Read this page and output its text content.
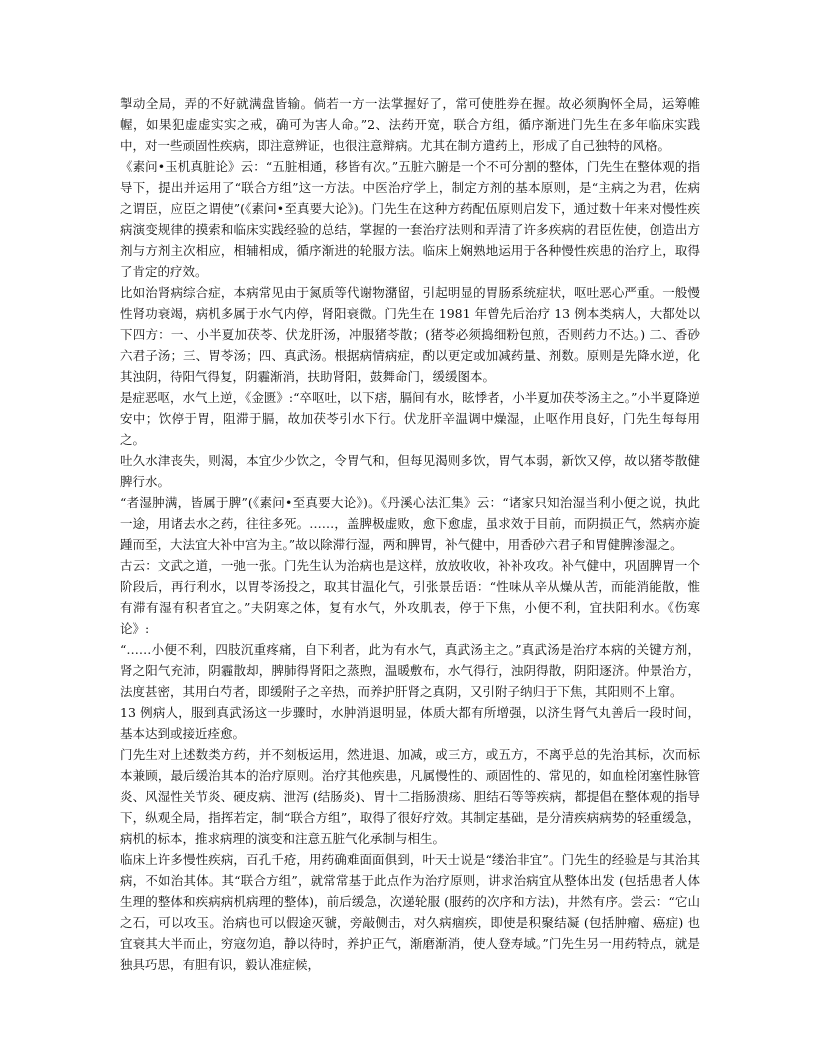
掣动全局，弄的不好就满盘皆输。倘若一方一法掌握好了，常可使胜券在握。故必须胸怀全局，运筹帷幄，如果犯虚虚实实之戒，确可为害人命。”2、法药开宽，联合方组，循序渐进门先生在多年临床实践中，对一些顽固性疾病，即注意辨证，也很注意辩病。尤其在制方遣药上，形成了自己独特的风格。

《素问•玉机真脏论》云：“五脏相通，移皆有次。”五脏六腑是一个不可分割的整体，门先生在整体观的指导下，提出并运用了“联合方组”这一方法。中医治疗学上，制定方剂的基本原则，是“主病之为君，佐病之谓臣，应臣之谓使”(《素问•至真要大论》)。门先生在这种方药配伍原则启发下，通过数十年来对慢性疾病演变规律的摸索和临床实践经验的总结，掌握的一套治疗法则和弄清了许多疾病的君臣佐使，创造出方剂与方剂主次相应，相辅相成，循序渐进的轮服方法。临床上娴熟地运用于各种慢性疾患的治疗上，取得了肯定的疗效。

比如治肾病综合症，本病常见由于氮质等代谢物潴留，引起明显的胃肠系统症状，呕吐恶心严重。一般慢性肾功衰竭，病机多属于水气内停，肾阳衰微。门先生在 1981 年曾先后治疗 13 例本类病人，大都处以下四方：一、小半夏加茯苓、伏龙肝汤，冲服猪苓散；(猪苓必须捣细粉包煎，否则药力不达。) 二、香砂六君子汤；三、胃苓汤；四、真武汤。根据病情病症，酌以更定或加减药量、剂数。原则是先降水逆，化其浊阴，待阳气得复，阴霾渐消，扶助肾阳，鼓舞命门，缓缓图本。

是症恶呕，水气上逆，《金匮》:“卒呕吐，以下痞，膈间有水，眩悸者，小半夏加茯苓汤主之。”小半夏降逆安中；饮停于胃，阻滞于膈，故加茯苓引水下行。伏龙肝辛温调中燥湿，止呕作用良好，门先生每每用之。

吐久水津丧失，则渴，本宜少少饮之，令胃气和，但每见渴则多饮，胃气本弱，新饮又停，故以猪苓散健脾行水。

“者湿肿满，皆属于脾”(《素问•至真要大论》)。《丹溪心法汇集》云：“诸家只知治湿当利小便之说，执此一途，用诸去水之药，往往多死。……，盖脾极虚败，愈下愈虚，虽求效于目前，而阴损正气，然病亦旋踵而至，大法宜大补中宫为主。”故以除滞行湿，两和脾胃，补气健中，用香砂六君子和胃健脾渗湿之。

古云：文武之道，一弛一张。门先生认为治病也是这样，放放收收，补补攻攻。补气健中，巩固脾胃一个阶段后，再行利水，以胃苓汤投之，取其甘温化气，引张景岳语：“性味从辛从燥从苦，而能消能散，惟有滞有湿有积者宜之。”夫阴寒之体，复有水气，外攻肌表，停于下焦，小便不利，宜扶阳利水。《伤寒论》:

“……小便不利，四肢沉重疼痛，自下利者，此为有水气，真武汤主之。”真武汤是治疗本病的关键方剂，肾之阳气充沛，阴霾散却，脾肺得肾阳之蒸煦，温暖敷布，水气得行，浊阴得散，阴阳逐济。仲景治方，法度甚密，其用白芍者，即缓附子之辛热，而养护肝肾之真阴，又引附子纳归于下焦，其阳则不上窜。

13 例病人，服到真武汤这一步骤时，水肿消退明显，体质大都有所增强，以济生肾气丸善后一段时间，基本达到或接近痊愈。

门先生对上述数类方药，并不刻板运用，然进退、加减，或三方，或五方，不离乎总的先治其标，次而标本兼顾，最后缓治其本的治疗原则。治疗其他疾患，凡属慢性的、顽固性的、常见的，如血栓闭塞性脉管炎、风湿性关节炎、硬皮病、泄泻 (结肠炎)、胃十二指肠溃疡、胆结石等等疾病，都提倡在整体观的指导下，纵观全局，指挥若定，制“联合方组”，取得了很好疗效。其制定基础，是分清疾病病势的轻重缓急，病机的标本，推求病理的演变和注意五脏气化承制与相生。

临床上许多慢性疾病，百孔千疮，用药确难面面俱到，叶天士说是“缕治非宜”。门先生的经验是与其治其病，不如治其体。其“联合方组”，就常常基于此点作为治疗原则，讲求治病宜从整体出发 (包括患者人体生理的整体和疾病病机病理的整体)，前后缓急，次递轮服 (服药的次序和方法)，井然有序。尝云：“它山之石，可以攻玉。治病也可以假途灭虢，旁敲侧击，对久病痼疾，即使是积聚结凝 (包括肿瘤、癌症) 也宜衰其大半而止，穷寇勿追，静以待时，养护正气，渐磨渐消，使人登寿域。”门先生另一用药特点，就是独具巧思，有胆有识，毅认准症候，
